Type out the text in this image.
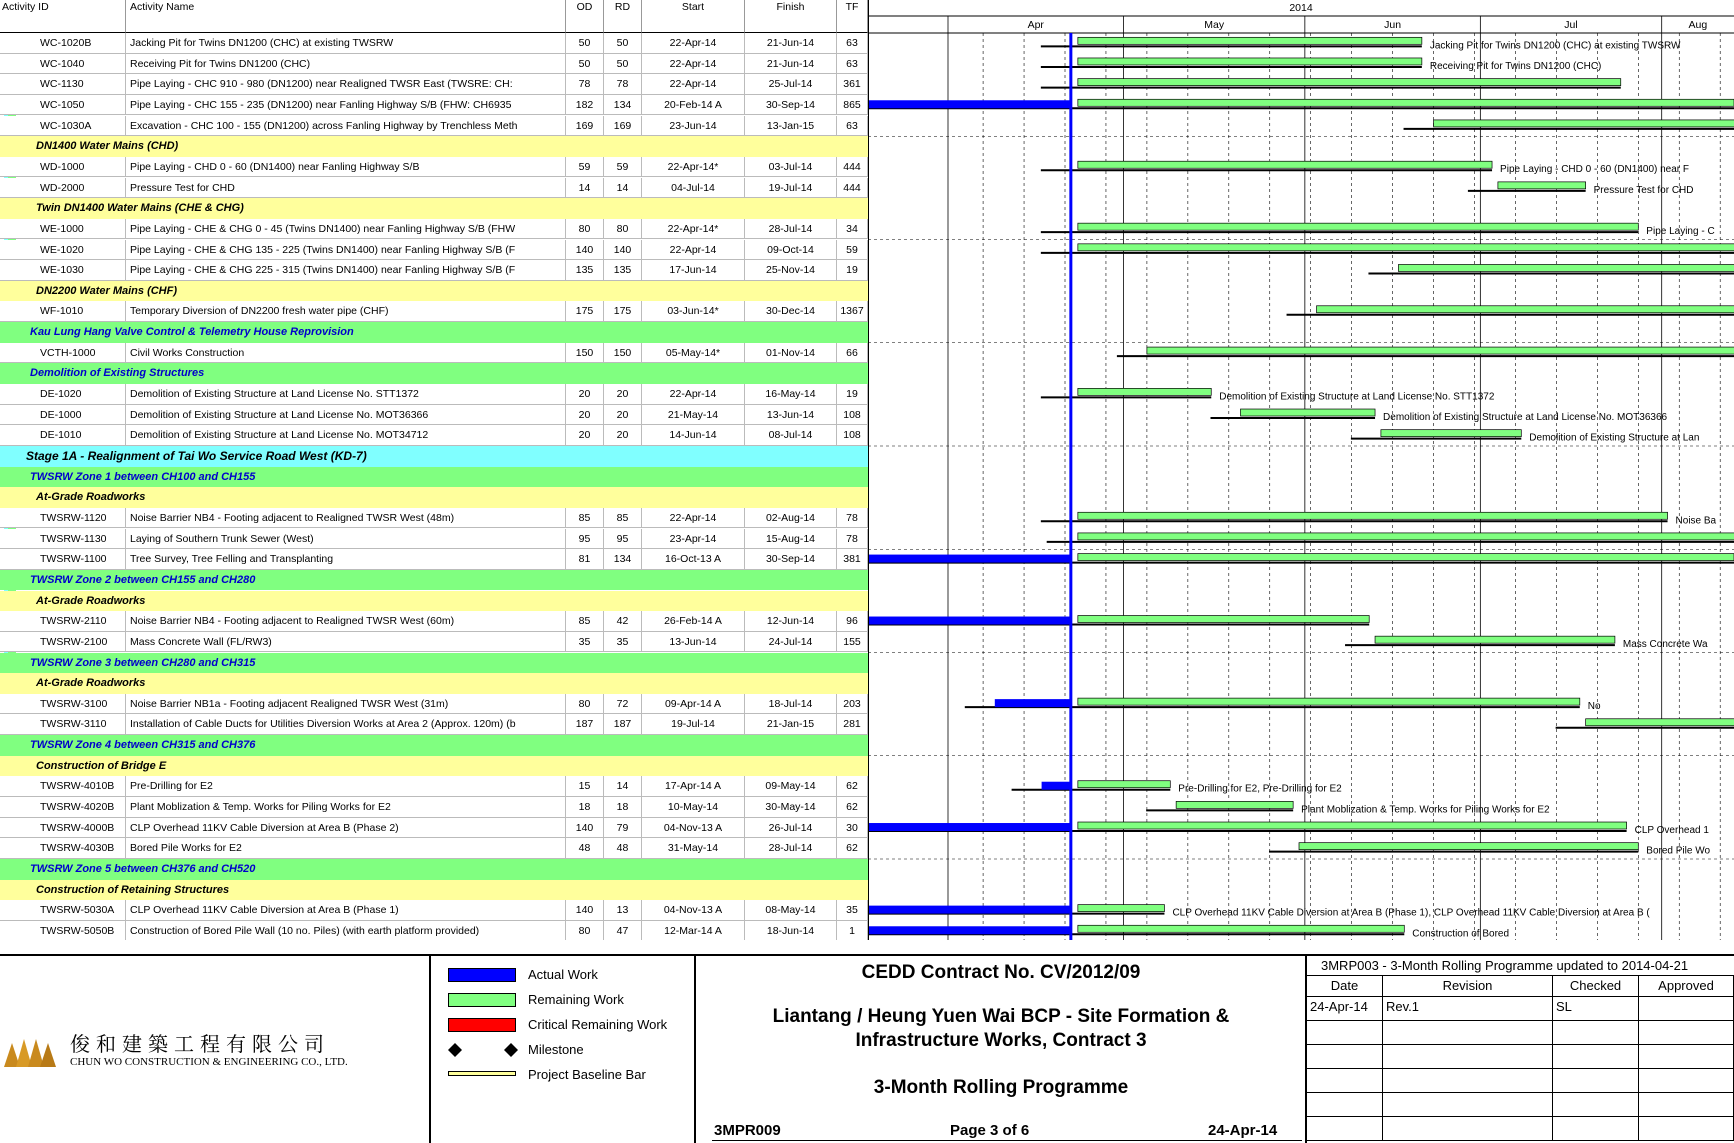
Activity ID	Activity Name	OD	RD	Start	Finish	TF
WC-1020B	Jacking Pit for Twins DN1200 (CHC) at existing TWSRW	50	50	22-Apr-14	21-Jun-14	63
WC-1040	Receiving Pit for Twins DN1200 (CHC)	50	50	22-Apr-14	21-Jun-14	63
WC-1130	Pipe Laying - CHC 910 - 980 (DN1200) near Realigned TWSR East (TWSRE: CH:	78	78	22-Apr-14	25-Jul-14	361
WC-1050	Pipe Laying - CHC 155 - 235 (DN1200) near Fanling Highway S/B (FHW: CH6935	182	134	20-Feb-14 A	30-Sep-14	865
WC-1030A	Excavation - CHC 100 - 155 (DN1200) across Fanling Highway by Trenchless Meth	169	169	23-Jun-14	13-Jan-15	63
DN1400 Water Mains (CHD)
WD-1000	Pipe Laying - CHD 0 - 60 (DN1400) near Fanling Highway S/B	59	59	22-Apr-14*	03-Jul-14	444
WD-2000	Pressure Test for CHD	14	14	04-Jul-14	19-Jul-14	444
Twin DN1400 Water Mains (CHE & CHG)
WE-1000	Pipe Laying - CHE & CHG 0 - 45 (Twins DN1400) near Fanling Highway S/B (FHW	80	80	22-Apr-14*	28-Jul-14	34
WE-1020	Pipe Laying - CHE & CHG 135 - 225 (Twins DN1400) near Fanling Highway S/B (F	140	140	22-Apr-14	09-Oct-14	59
WE-1030	Pipe Laying - CHE & CHG 225 - 315 (Twins DN1400) near Fanling Highway S/B (F	135	135	17-Jun-14	25-Nov-14	19
DN2200 Water Mains (CHF)
WF-1010	Temporary Diversion of DN2200 fresh water pipe (CHF)	175	175	03-Jun-14*	30-Dec-14	1367
Kau Lung Hang Valve Control & Telemetry House Reprovision
VCTH-1000	Civil Works Construction	150	150	05-May-14*	01-Nov-14	66
Demolition of Existing Structures
DE-1020	Demolition of Existing Structure at Land License No. STT1372	20	20	22-Apr-14	16-May-14	19
DE-1000	Demolition of Existing Structure at Land License No. MOT36366	20	20	21-May-14	13-Jun-14	108
DE-1010	Demolition of Existing Structure at Land License No. MOT34712	20	20	14-Jun-14	08-Jul-14	108
Stage 1A - Realignment of Tai Wo Service Road West (KD-7)
TWSRW Zone 1 between CH100 and CH155
At-Grade Roadworks
TWSRW-1120	Noise Barrier NB4 - Footing adjacent to Realigned TWSR West (48m)	85	85	22-Apr-14	02-Aug-14	78
TWSRW-1130	Laying of Southern Trunk Sewer (West)	95	95	23-Apr-14	15-Aug-14	78
TWSRW-1100	Tree Survey, Tree Felling and Transplanting	81	134	16-Oct-13 A	30-Sep-14	381
TWSRW Zone 2 between CH155 and CH280
At-Grade Roadworks
TWSRW-2110	Noise Barrier NB4 - Footing adjacent to Realigned TWSR West (60m)	85	42	26-Feb-14 A	12-Jun-14	96
TWSRW-2100	Mass Concrete Wall (FL/RW3)	35	35	13-Jun-14	24-Jul-14	155
TWSRW Zone 3 between CH280 and CH315
At-Grade Roadworks
TWSRW-3100	Noise Barrier NB1a - Footing adjacent Realigned TWSR West (31m)	80	72	09-Apr-14 A	18-Jul-14	203
TWSRW-3110	Installation of Cable Ducts for Utilities Diversion Works at Area 2 (Approx. 120m) (b	187	187	19-Jul-14	21-Jan-15	281
TWSRW Zone 4 between CH315 and CH376
Construction of Bridge E
TWSRW-4010B	Pre-Drilling for E2	15	14	17-Apr-14 A	09-May-14	62
TWSRW-4020B	Plant Moblization & Temp. Works for Piling Works for E2	18	18	10-May-14	30-May-14	62
TWSRW-4000B	CLP Overhead 11KV Cable Diversion at Area B (Phase 2)	140	79	04-Nov-13 A	26-Jul-14	30
TWSRW-4030B	Bored Pile Works for E2	48	48	31-May-14	28-Jul-14	62
TWSRW Zone 5 between CH376 and CH520
Construction of Retaining Structures
TWSRW-5030A	CLP Overhead 11KV Cable Diversion at Area B (Phase 1)	140	13	04-Nov-13 A	08-May-14	35
TWSRW-5050B	Construction of Bored Pile Wall (10 no. Piles) (with earth platform provided)	80	47	12-Mar-14 A	18-Jun-14	1
2014
Apr	May	Jun	Jul	Aug
Jacking Pit for Twins DN1200 (CHC) at existing TWSRW
Receiving Pit for Twins DN1200 (CHC)
Pipe Laying - CHD 0 - 60 (DN1400) near F
Pressure Test for CHD
Pipe Laying - C
Demolition of Existing Structure at Land License No. STT1372
Demolition of Existing Structure at Land License No. MOT36366
Demolition of Existing Structure at Lan
Noise Ba
Mass Concrete Wa
No
Pre-Drilling for E2, Pre-Drilling for E2
Plant Moblization & Temp. Works for Piling Works for E2
CLP Overhead 1
Bored Pile Wo
CLP Overhead 11KV Cable Diversion at Area B (Phase 1), CLP Overhead 11KV Cable Diversion at Area B (
Construction of Bored
俊和建築工程有限公司
CHUN WO CONSTRUCTION & ENGINEERING CO., LTD.
Actual Work
Remaining Work
Critical Remaining Work
Milestone
Project Baseline Bar
CEDD Contract No. CV/2012/09
Liantang / Heung Yuen Wai BCP - Site Formation &
Infrastructure Works, Contract 3
3-Month Rolling Programme
3MPR009	Page 3 of 6	24-Apr-14
3MRP003 - 3-Month Rolling Programme updated to 2014-04-21
Date	Revision	Checked	Approved
24-Apr-14	Rev.1	SL
